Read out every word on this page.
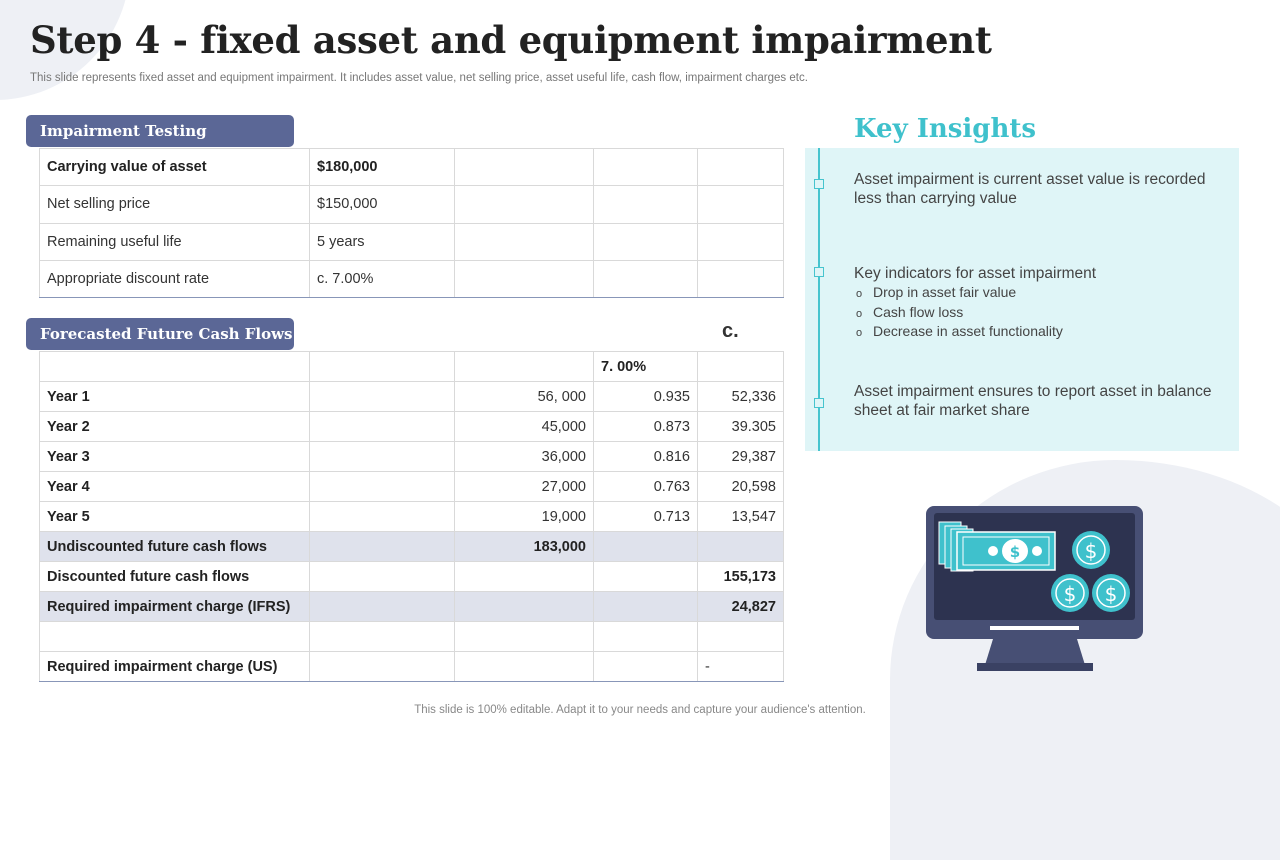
Step 4 - fixed asset and equipment impairment
This slide represents fixed asset and equipment impairment. It includes asset value, net selling price, asset useful life, cash flow, impairment charges etc.
Impairment Testing
Carrying value of asset	$180,000			
Net selling price	$150,000			
Remaining useful life	5 years			
Appropriate discount rate	c. 7.00%			
Forecasted Future Cash Flows	c.
			7. 00%	
Year 1		56, 000	0.935	52,336
Year 2		45,000	0.873	39.305
Year 3		36,000	0.816	29,387
Year 4		27,000	0.763	20,598
Year 5		19,000	0.713	13,547
Undiscounted future cash flows		183,000		
Discounted future cash flows				155,173
Required impairment charge (IFRS)				24,827

Required impairment charge (US)				-
Key Insights
Asset impairment is current asset value is recorded less than carrying value
Key indicators for asset impairment
o Drop in asset fair value
o Cash flow loss
o Decrease in asset functionality
Asset impairment ensures to report asset in balance sheet at fair market share
$	$
$ $
This slide is 100% editable. Adapt it to your needs and capture your audience's attention.
